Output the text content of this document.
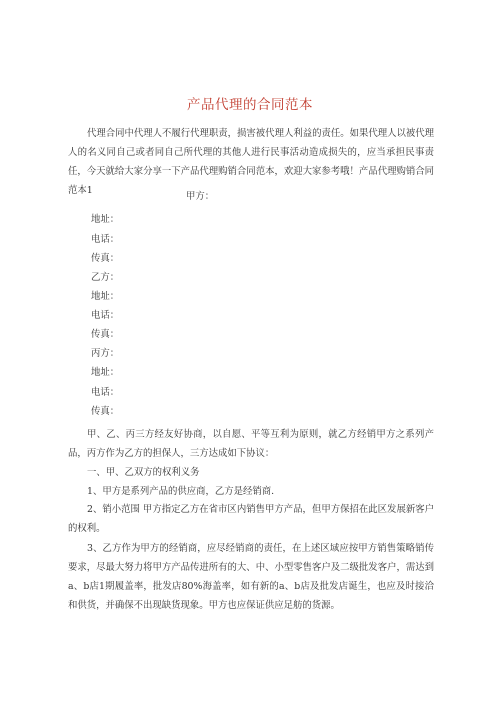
产品代理的合同范本

代理合同中代理人不履行代理职责，损害被代理人利益的责任。如果代理人以被代理人的名义同自己或者同自己所代理的其他人进行民事活动造成损失的，应当承担民事责任，今天就给大家分享一下产品代理购销合同范本，欢迎大家参考哦！产品代理购销合同范本1

甲方：

地址：

电话：

传真：

乙方：

地址：

电话：

传真：

丙方：

地址：

电话：

传真：

甲、乙、丙三方经友好协商，以自愿、平等互利为原则，就乙方经销甲方之系列产品，丙方作为乙方的担保人，三方达成如下协议：

一、甲、乙双方的权利义务

1、甲方是系列产品的供应商，乙方是经销商.

2、销小范围 甲方指定乙方在省市区内销售甲方产品，但甲方保招在此区发展新客户的权利。

3、乙方作为甲方的经销商，应尽经销商的责任，在上述区域应按甲方销售策略销传要求，尽最大努力将甲方产品传进所有的大、中、小型零售客户及二级批发客户，需达到a、b店1期履盖率，批发店80%海盖率，如有新的a、b店及批发店诞生，也应及时接洽和供货，并确保不出现缺货现象。甲方也应保证供应足舫的货源。
